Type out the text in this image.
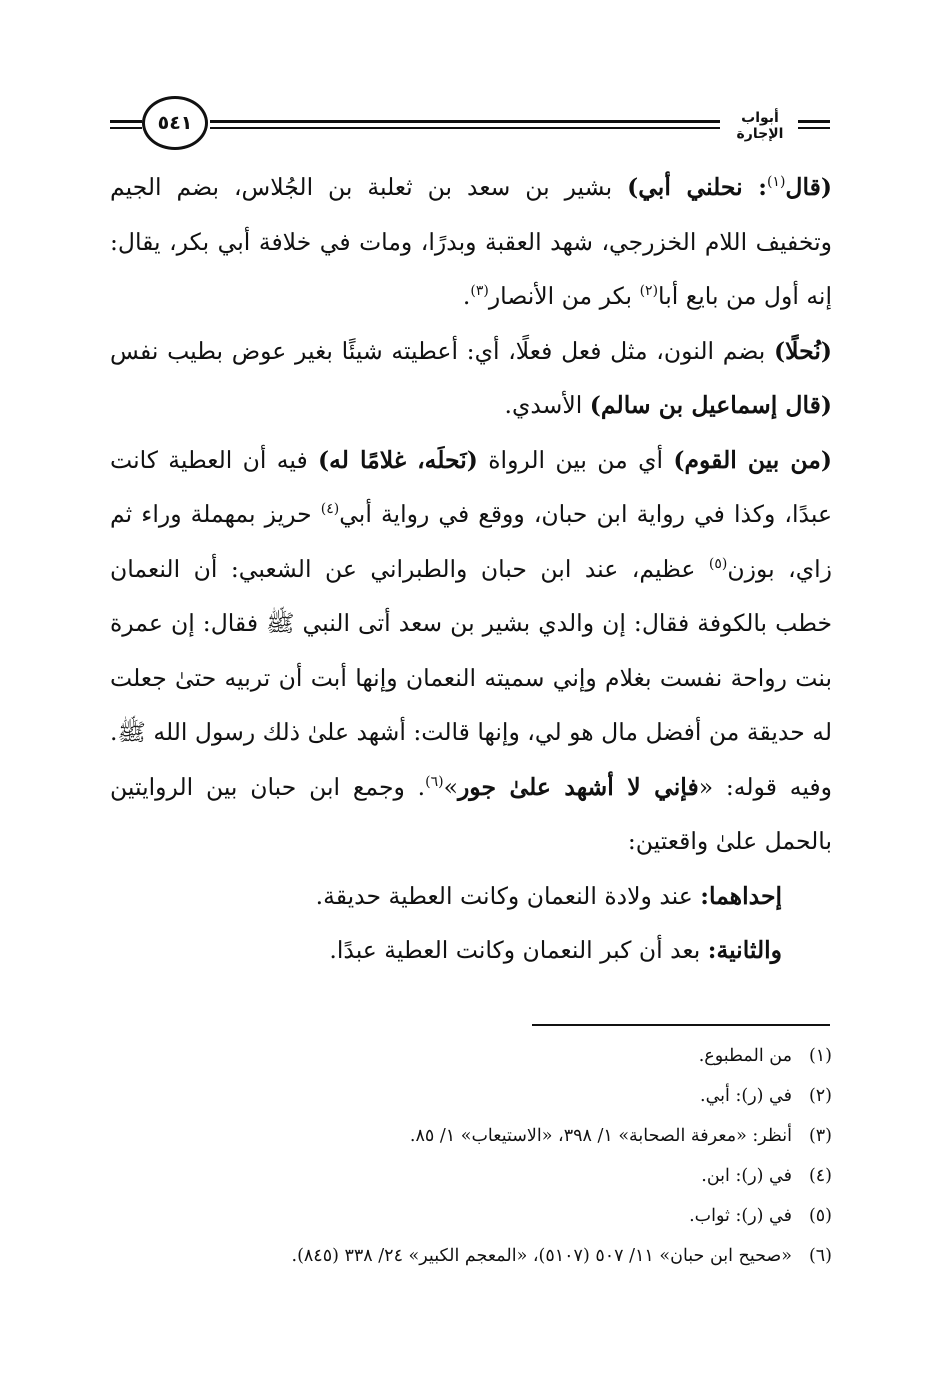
٥٤١	أبواب الإجارة

(قال$^{(١)}$: نحلني أبي) بشير بن سعد بن ثعلبة بن الجُلاس، بضم الجيم وتخفيف اللام الخزرجي، شهد العقبة وبدرًا، ومات في خلافة أبي بكر، يقال: إنه أول من بايع أبا$^{(٢)}$ بكر من الأنصار$^{(٣)}$.

(نُحلًا) بضم النون، مثل فعل فعلًا، أي: أعطيته شيئًا بغير عوض بطيب نفس (قال إسماعيل بن سالم) الأسدي.

(من بين القوم) أي من بين الرواة (نَحلَه، غلامًا له) فيه أن العطية كانت عبدًا، وكذا في رواية ابن حبان، ووقع في رواية أبي$^{(٤)}$ حريز بمهملة وراء ثم زاي، بوزن$^{(٥)}$ عظيم، عند ابن حبان والطبراني عن الشعبي: أن النعمان خطب بالكوفة فقال: إن والدي بشير بن سعد أتى النبي ﷺ فقال: إن عمرة بنت رواحة نفست بغلام وإني سميته النعمان وإنها أبت أن تربيه حتىٰ جعلت له حديقة من أفضل مال هو لي، وإنها قالت: أشهد علىٰ ذلك رسول الله ﷺ. وفيه قوله: «فإني لا أشهد علىٰ جور»$^{(٦)}$. وجمع ابن حبان بين الروايتين بالحمل علىٰ واقعتين:

إحداهما: عند ولادة النعمان وكانت العطية حديقة.

والثانية: بعد أن كبر النعمان وكانت العطية عبدًا.

(١)من المطبوع.

(٢)في (ر): أبي.

(٣)أنظر: «معرفة الصحابة» ١/ ٣٩٨، «الاستيعاب» ١/ ٨٥.

(٤)في (ر): ابن.

(٥)في (ر): ثواب.

(٦)«صحيح ابن حبان» ١١/ ٥٠٧ (٥١٠٧)، «المعجم الكبير» ٢٤/ ٣٣٨ (٨٤٥).
